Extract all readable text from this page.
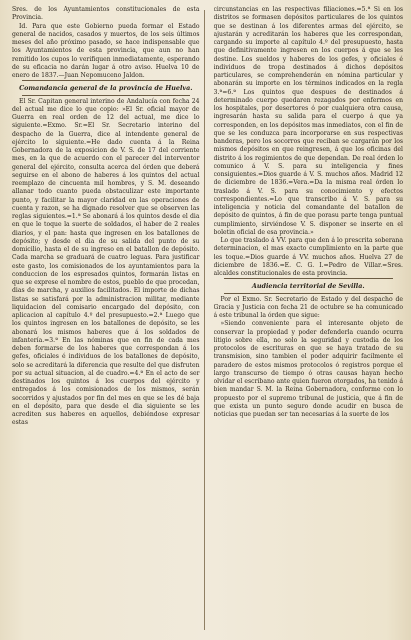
Sres. de los Ayuntamientos constitucionales de esta Provincia.

Id. Para que este Gobierno pueda formar el Estado general de nacidos, casados y muertos, de los seis últimos meses del año próximo pasado, se hace indispensable que los Ayuntamientos de esta provincia, que aun no han remitido los cupos lo verifiquen inmediatamente, esperando de su eficacia no darán lugar á otro aviso. Huelva 10 de enero de 1837.—Juan Nepomuceno Jaldon.

Comandancia general de la provincia de Huelva.

El Sr. Capitan general interino de Andalucía con fecha 24 del actual me dice lo que copio: »El Sr. oficial mayor de Guerra en real orden de 12 del actual, me dice lo siguiente.=Exmo. Sr.=El Sr. Secretario interino del despacho de la Guerra, dice al intendente general de ejército lo siguiente.=He dado cuenta á la Reina Gobernadora de la exposicion de V. S. de 17 del corriente mes, en la que de acuerdo con el parecer del interventor general del ejército, consulta acerca del órden que deberá seguirse en el abono de haberes á los quintos del actual reemplazo de cincuenta mil hombres, y S. M. deseando allanar todo cuanto pueda obstaculizar este importante punto, y facilitar la mayor claridad en las operaciones de cuenta y razon, se ha dignado resolver que se observen las reglas siguientes.=1.ª Se abonará á los quintos desde el dia en que le toque la suerte de soldados, el haber de 2 reales diarios, y el pan: hasta que ingresen en los batallones de depósito; y desde el dia de su salida del punto de su domicilio, hasta el de su ingreso en el batallon de depósito. Cada marcha se graduará de cuatro leguas. Para justificar este gasto, los comisionados de los ayuntamientos para la conduccion de los espresados quintos, formarán listas en que se exprese el nombre de estos, pueblo de que procedan, dias de marcha, y auxilios facilitados. El importe de dichas listas se satisfará por la administracion militar, mediante liquidacion del comisario encargado del depósito, con aplicacion al capítulo 4.º del presupuesto.=2.ª Luego que los quintos ingresen en los batallones de depósito, se les abonará los mismos haberes que á los soldados de infantería.=3.ª En las nóminas que en fin de cada mes deben formarse de los haberes que correspondan á los gefes, oficiales é individuos de los batallones de depósito, solo se acreditará la diferencia que resulte del que disfruten por su actual situacion, al de cuadro.=4.ª En el acto de ser destinados los quintos á los cuerpos del ejército y entregados á los comisionados de los mismos, serán socorridos y ajustados por fin del mes en que se les dé baja en el depósito, para que desde el dia siguiente se les acrediten sus haberes en aquellos, debiéndose expresar estas

circunstancias en las respectivas filiaciones.=5.ª Si en los distritos se formasen depósitos particulares de los quintos que se destinan á los diferentes armas del ejército, se ajustarán y acreditarán los haberes que les correspondan, cargando su importe al capítulo 4.º del presupuesto, hasta que definitivamente ingresen en los cuerpos á que se les destine. Los sueldos y haberes de los gefes, y oficiales é individuos de tropa destinados á dichos depósitos particulares, se comprehenderán en nómina particular y abonarán su importe en los términos indicados en la regla 3.ª=6.ª Los quintos que despues de destinados á determinado cuerpo quedaren rezagados por enfermos en los hospitales, por desertores ó por cualquiera otra causa, ingresarán hasta su salida para el cuerpo á que ya corresponden, en los depósitos mas inmediatos, con el fin de que se les conduzca para incorporarse en sus respectivas banderas, pero los socorros que reciban se cargarán por los mismos depósitos en que reingresen, á que los oficinas del distrito á los regimientos de que dependan. De real órden lo comunico á V. S. para su inteligencia y fines consiguientes.=Dios guarde á V. S. muchos años. Madrid 12 de diciembre de 1836.=Vera.=Da la misma real órden lo traslado á V. S. para su conocimiento y efectos correspondientes.=Lo que transcribo á V. S. para su inteligencia y noticia del comandante del batallon de depósito de quintos, á fin de que porasu parte tenga puntual cumplimiento, sirviéndose V. S. disponer se inserte en el boletin oficial de esa provincia.»

Lo que traslado á VV. para que den á lo prescrita soberana determinacion, el mas exacto cumplimiento en la parte que les toque.=Dios guarde á VV. muchos años. Huelva 27 de diciembre de 1836.=E. C. G. I.=Pedro de Villar.=Sres. alcaldes constitucionales de esta provincia.

Audiencia territorial de Sevilla.

Por el Exmo. Sr. Secretario de Estado y del despacho de Gracia y Justicia con fecha 21 de octubre se ha comunicado á este tribunal la órden que sigue:

»Siendo conveniente para el interesante objeto de conservar la propiedad y poder defenderla cuando ocurra litigio sobre ella, no solo la seguridad y custodia de los protocolos de escrituras en que se haya tratado de su transmision, sino tambien el poder adquirir facilmente el paradero de estos mismos protocolos ó registros porque el largo transcurso de tiempo ó otras causas hayan hecho olvidar el escribano ante quien fueron otorgados, ha tenido á bien mandar S. M. la Reina Gobernadora, conforme con lo propuesto por el supremo tribunal de justicia, que á fin de que exista un punto seguro donde acudir en busca de noticias que puedan ser tan necesarias á la suerte de los
